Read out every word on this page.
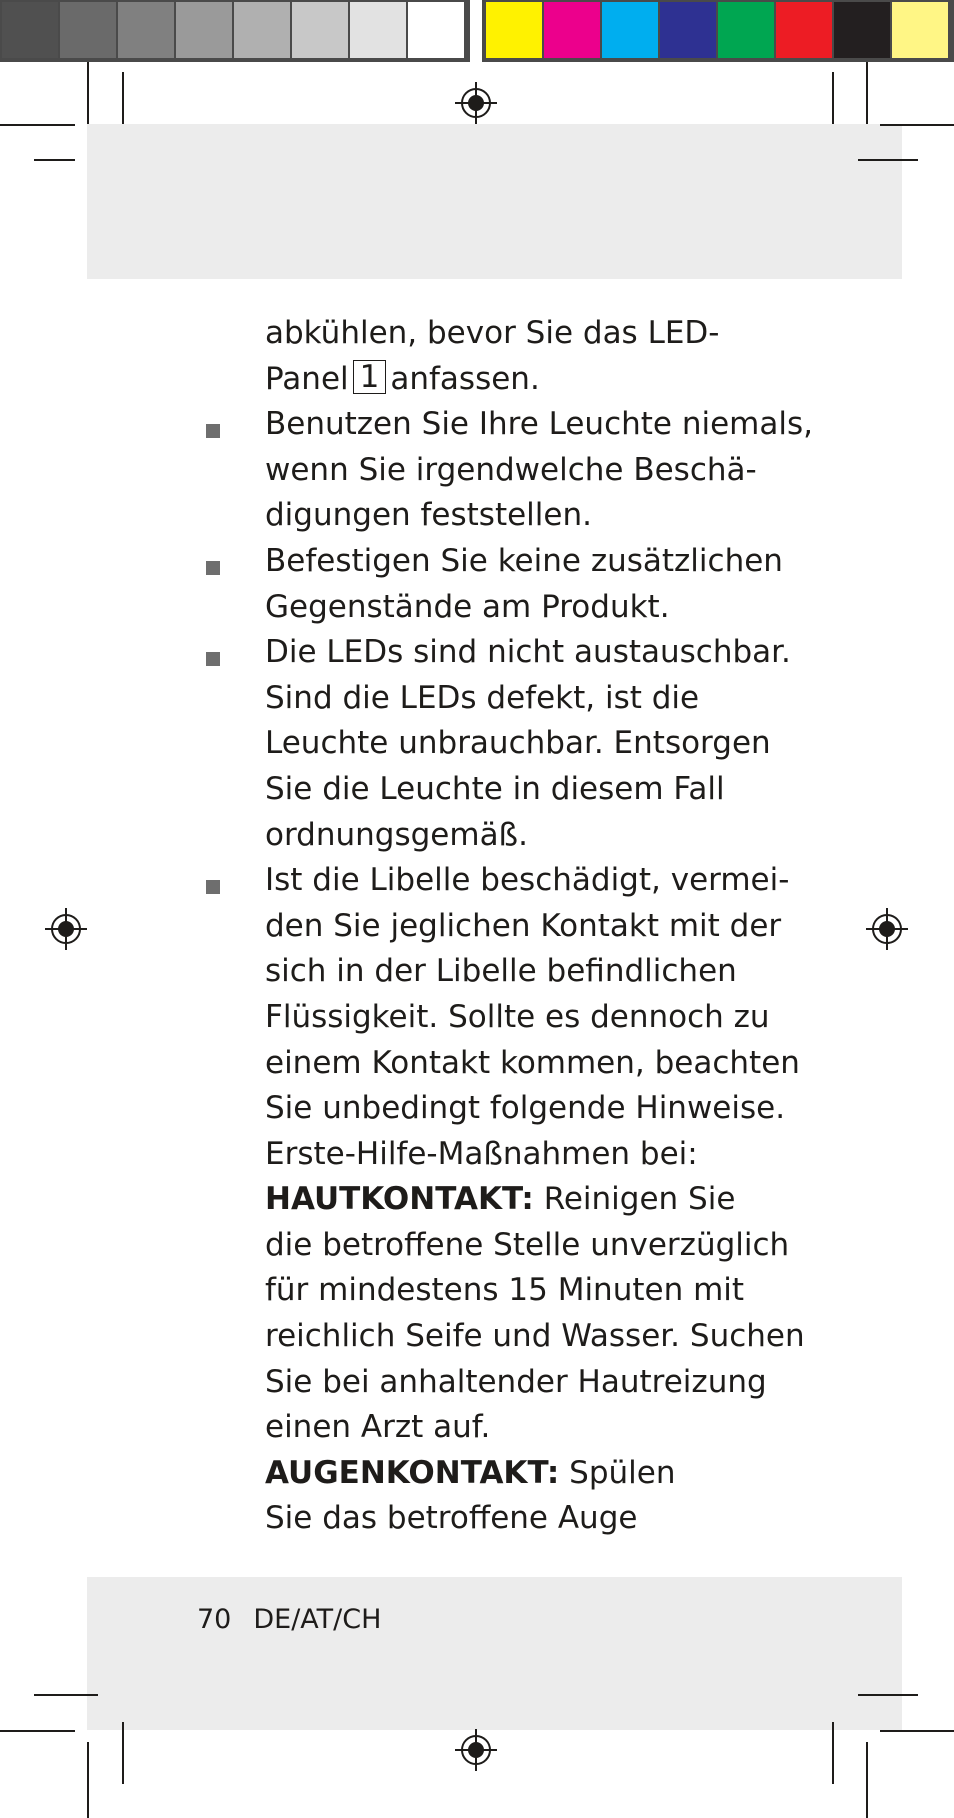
abkühlen, bevor Sie das LED-
Panel 1 anfassen.
Benutzen Sie Ihre Leuchte niemals,
wenn Sie irgendwelche Beschä-
digungen feststellen.
Befestigen Sie keine zusätzlichen
Gegenstände am Produkt.
Die LEDs sind nicht austauschbar.
Sind die LEDs defekt, ist die
Leuchte unbrauchbar. Entsorgen
Sie die Leuchte in diesem Fall
ordnungsgemäß.
Ist die Libelle beschädigt, vermei-
den Sie jeglichen Kontakt mit der
sich in der Libelle befindlichen
Flüssigkeit. Sollte es dennoch zu
einem Kontakt kommen, beachten
Sie unbedingt folgende Hinweise.
Erste-Hilfe-Maßnahmen bei:
HAUTKONTAKT: Reinigen Sie
die betroffene Stelle unverzüglich
für mindestens 15 Minuten mit
reichlich Seife und Wasser. Suchen
Sie bei anhaltender Hautreizung
einen Arzt auf.
AUGENKONTAKT: Spülen
Sie das betroffene Auge
70 DE/AT/CH
